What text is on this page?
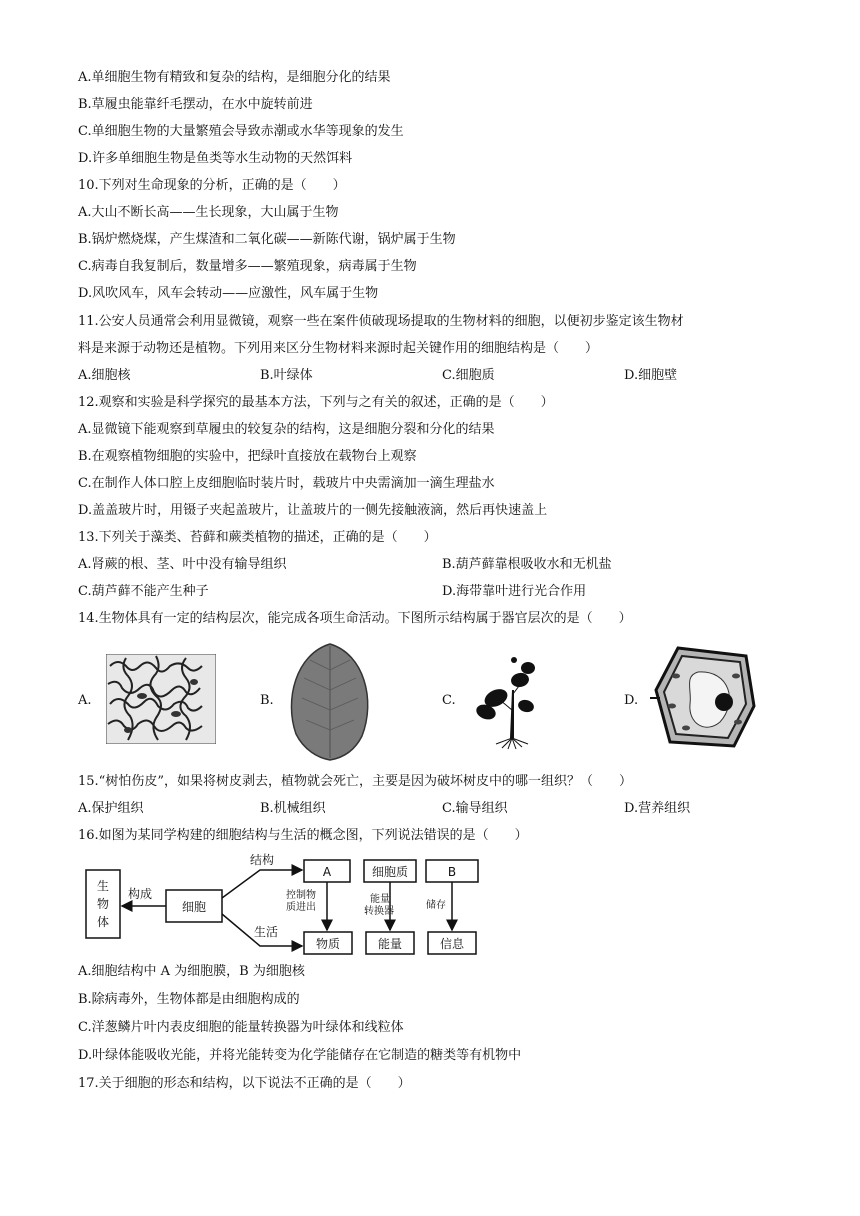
A.单细胞生物有精致和复杂的结构，是细胞分化的结果
B.草履虫能靠纤毛摆动，在水中旋转前进
C.单细胞生物的大量繁殖会导致赤潮或水华等现象的发生
D.许多单细胞生物是鱼类等水生动物的天然饵料
10.下列对生命现象的分析，正确的是（　　）
A.大山不断长高——生长现象，大山属于生物
B.锅炉燃烧煤，产生煤渣和二氧化碳——新陈代谢，锅炉属于生物
C.病毒自我复制后，数量增多——繁殖现象，病毒属于生物
D.风吹风车，风车会转动——应激性，风车属于生物
11.公安人员通常会利用显微镜，观察一些在案件侦破现场提取的生物材料的细胞，以便初步鉴定该生物材
料是来源于动物还是植物。下列用来区分生物材料来源时起关键作用的细胞结构是（　　）
A.细胞核	B.叶绿体	C.细胞质	D.细胞壁
12.观察和实验是科学探究的最基本方法，下列与之有关的叙述，正确的是（　　）
A.显微镜下能观察到草履虫的较复杂的结构，这是细胞分裂和分化的结果
B.在观察植物细胞的实验中，把绿叶直接放在载物台上观察
C.在制作人体口腔上皮细胞临时装片时，载玻片中央需滴加一滴生理盐水
D.盖盖玻片时，用镊子夹起盖玻片，让盖玻片的一侧先接触液滴，然后再快速盖上
13.下列关于藻类、苔藓和蕨类植物的描述，正确的是（　　）
A.肾蕨的根、茎、叶中没有输导组织	B.葫芦藓靠根吸收水和无机盐
C.葫芦藓不能产生种子	D.海带靠叶进行光合作用
14.生物体具有一定的结构层次，能完成各项生命活动。下图所示结构属于器官层次的是（　　）
A.	B.	C.	D.
15.“树怕伤皮”，如果将树皮剥去，植物就会死亡，主要是因为破坏树皮中的哪一组织？（　　）
A.保护组织	B.机械组织	C.输导组织	D.营养组织
16.如图为某同学构建的细胞结构与生活的概念图，下列说法错误的是（　　）
生
物
体
构成
细胞
结构
生活
A	细胞质	B
控制物
质进出
能量
转换器
储存
物质	能量	信息
A.细胞结构中 A 为细胞膜，B 为细胞核
B.除病毒外，生物体都是由细胞构成的
C.洋葱鳞片叶内表皮细胞的能量转换器为叶绿体和线粒体
D.叶绿体能吸收光能，并将光能转变为化学能储存在它制造的糖类等有机物中
17.关于细胞的形态和结构，以下说法不正确的是（　　）
